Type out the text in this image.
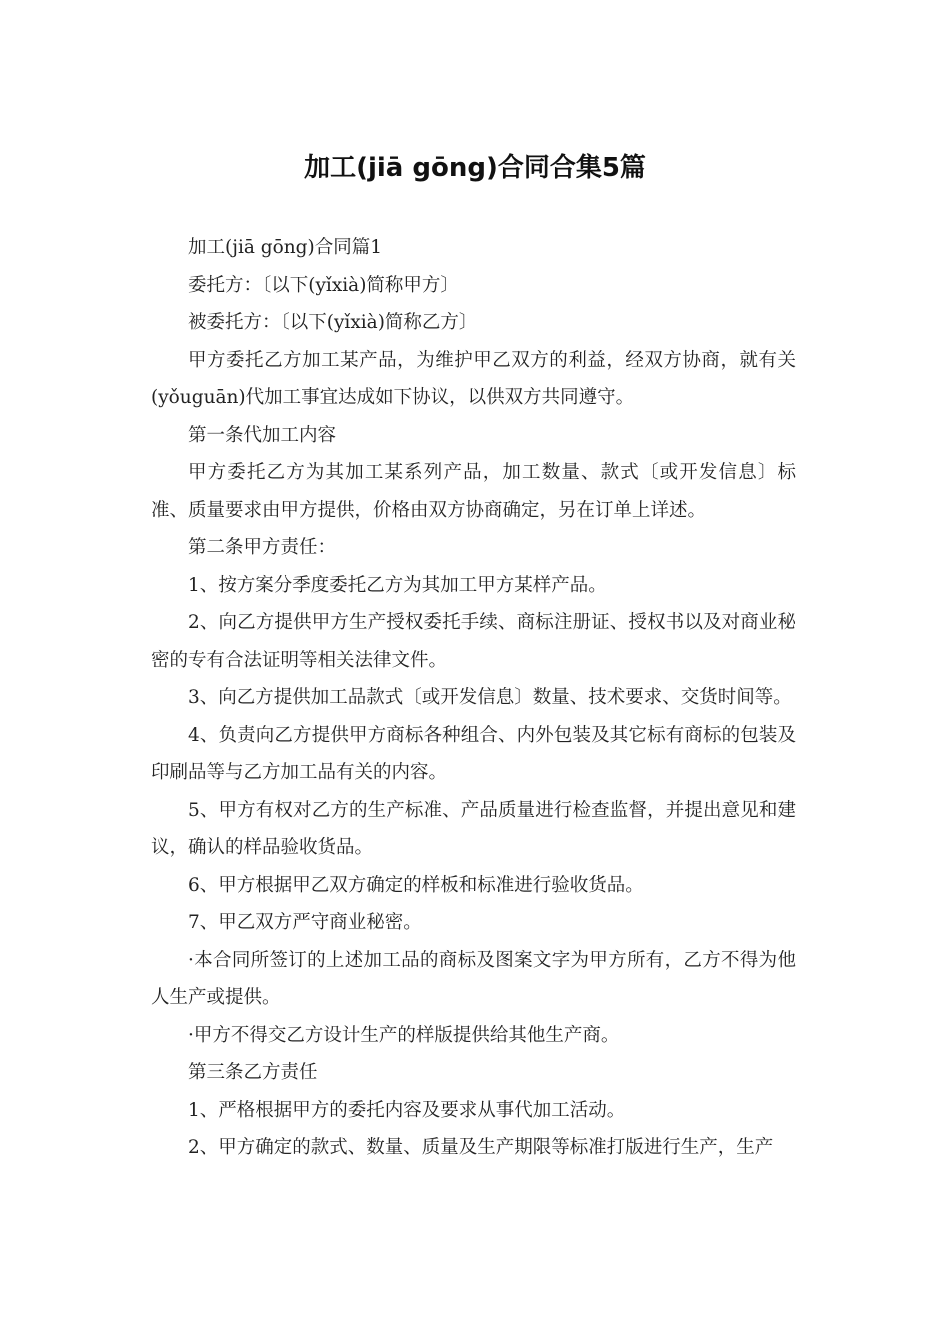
加工(jiā gōng)合同合集5篇

加工(jiā gōng)合同篇1

委托方：〔以下(yǐxià)简称甲方〕

被委托方：〔以下(yǐxià)简称乙方〕

甲方委托乙方加工某产品，为维护甲乙双方的利益，经双方协商，就有关(yǒuguān)代加工事宜达成如下协议，以供双方共同遵守。

第一条代加工内容

甲方委托乙方为其加工某系列产品，加工数量、款式〔或开发信息〕标准、质量要求由甲方提供，价格由双方协商确定，另在订单上详述。

第二条甲方责任：

1、按方案分季度委托乙方为其加工甲方某样产品。

2、向乙方提供甲方生产授权委托手续、商标注册证、授权书以及对商业秘密的专有合法证明等相关法律文件。

3、向乙方提供加工品款式〔或开发信息〕数量、技术要求、交货时间等。

4、负责向乙方提供甲方商标各种组合、内外包装及其它标有商标的包装及印刷品等与乙方加工品有关的内容。

5、甲方有权对乙方的生产标准、产品质量进行检查监督，并提出意见和建议，确认的样品验收货品。

6、甲方根据甲乙双方确定的样板和标准进行验收货品。

7、甲乙双方严守商业秘密。

·本合同所签订的上述加工品的商标及图案文字为甲方所有，乙方不得为他人生产或提供。

·甲方不得交乙方设计生产的样版提供给其他生产商。

第三条乙方责任

1、严格根据甲方的委托内容及要求从事代加工活动。

2、甲方确定的款式、数量、质量及生产期限等标准打版进行生产，生产
